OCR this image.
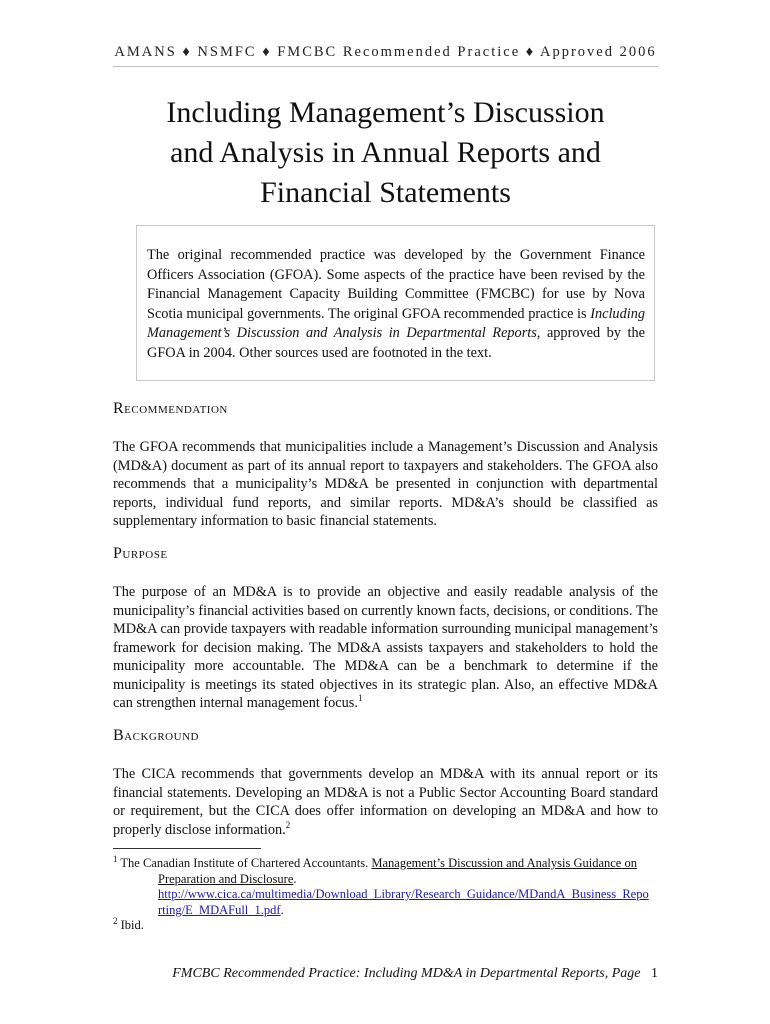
AMANS ♦ NSMFC ♦ FMCBC Recommended Practice ♦ Approved 2006
Including Management’s Discussion
and Analysis in Annual Reports and
Financial Statements
The original recommended practice was developed by the Government Finance Officers Association (GFOA). Some aspects of the practice have been revised by the Financial Management Capacity Building Committee (FMCBC) for use by Nova Scotia municipal governments. The original GFOA recommended practice is Including Management’s Discussion and Analysis in Departmental Reports, approved by the GFOA in 2004. Other sources used are footnoted in the text.
Recommendation
The GFOA recommends that municipalities include a Management’s Discussion and Analysis (MD&A) document as part of its annual report to taxpayers and stakeholders. The GFOA also recommends that a municipality’s MD&A be presented in conjunction with departmental reports, individual fund reports, and similar reports. MD&A’s should be classified as supplementary information to basic financial statements.
Purpose
The purpose of an MD&A is to provide an objective and easily readable analysis of the municipality’s financial activities based on currently known facts, decisions, or conditions. The MD&A can provide taxpayers with readable information surrounding municipal management’s framework for decision making. The MD&A assists taxpayers and stakeholders to hold the municipality more accountable. The MD&A can be a benchmark to determine if the municipality is meetings its stated objectives in its strategic plan. Also, an effective MD&A can strengthen internal management focus.$^1$
Background
The CICA recommends that governments develop an MD&A with its annual report or its financial statements. Developing an MD&A is not a Public Sector Accounting Board standard or requirement, but the CICA does offer information on developing an MD&A and how to properly disclose information.$^2$
$^1$ The Canadian Institute of Chartered Accountants. Management’s Discussion and Analysis Guidance on
Preparation and Disclosure.
http://www.cica.ca/multimedia/Download_Library/Research_Guidance/MDandA_Business_Repo
rting/E_MDAFull_1.pdf.
$^2$ Ibid.
FMCBC Recommended Practice: Including MD&A in Departmental Reports, Page 1
